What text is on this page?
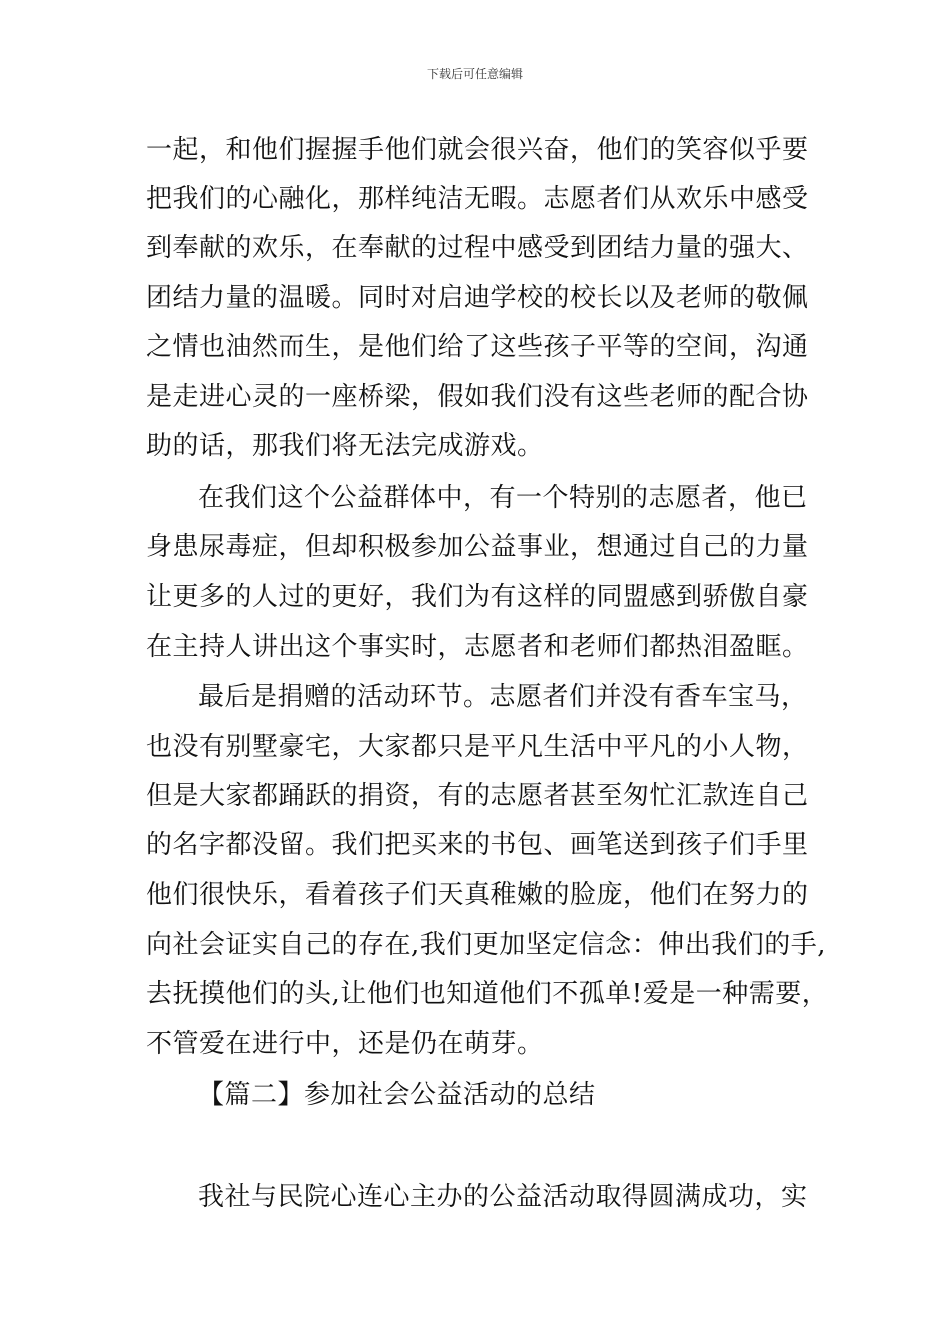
下载后可任意编辑
一起，和他们握握手他们就会很兴奋，他们的笑容似乎要
把我们的心融化，那样纯洁无暇。志愿者们从欢乐中感受
到奉献的欢乐，在奉献的过程中感受到团结力量的强大、
团结力量的温暖。同时对启迪学校的校长以及老师的敬佩
之情也油然而生，是他们给了这些孩子平等的空间，沟通
是走进心灵的一座桥梁，假如我们没有这些老师的配合协
助的话，那我们将无法完成游戏。
在我们这个公益群体中，有一个特别的志愿者，他已
身患尿毒症，但却积极参加公益事业，想通过自己的力量
让更多的人过的更好，我们为有这样的同盟感到骄傲自豪
在主持人讲出这个事实时，志愿者和老师们都热泪盈眶。
最后是捐赠的活动环节。志愿者们并没有香车宝马，
也没有别墅豪宅，大家都只是平凡生活中平凡的小人物，
但是大家都踊跃的捐资，有的志愿者甚至匆忙汇款连自己
的名字都没留。我们把买来的书包、画笔送到孩子们手里
他们很快乐，看着孩子们天真稚嫩的脸庞，他们在努力的
向社会证实自己的存在,我们更加坚定信念：伸出我们的手,
去抚摸他们的头,让他们也知道他们不孤单!爱是一种需要，
不管爱在进行中，还是仍在萌芽。
【篇二】参加社会公益活动的总结
我社与民院心连心主办的公益活动取得圆满成功，实
